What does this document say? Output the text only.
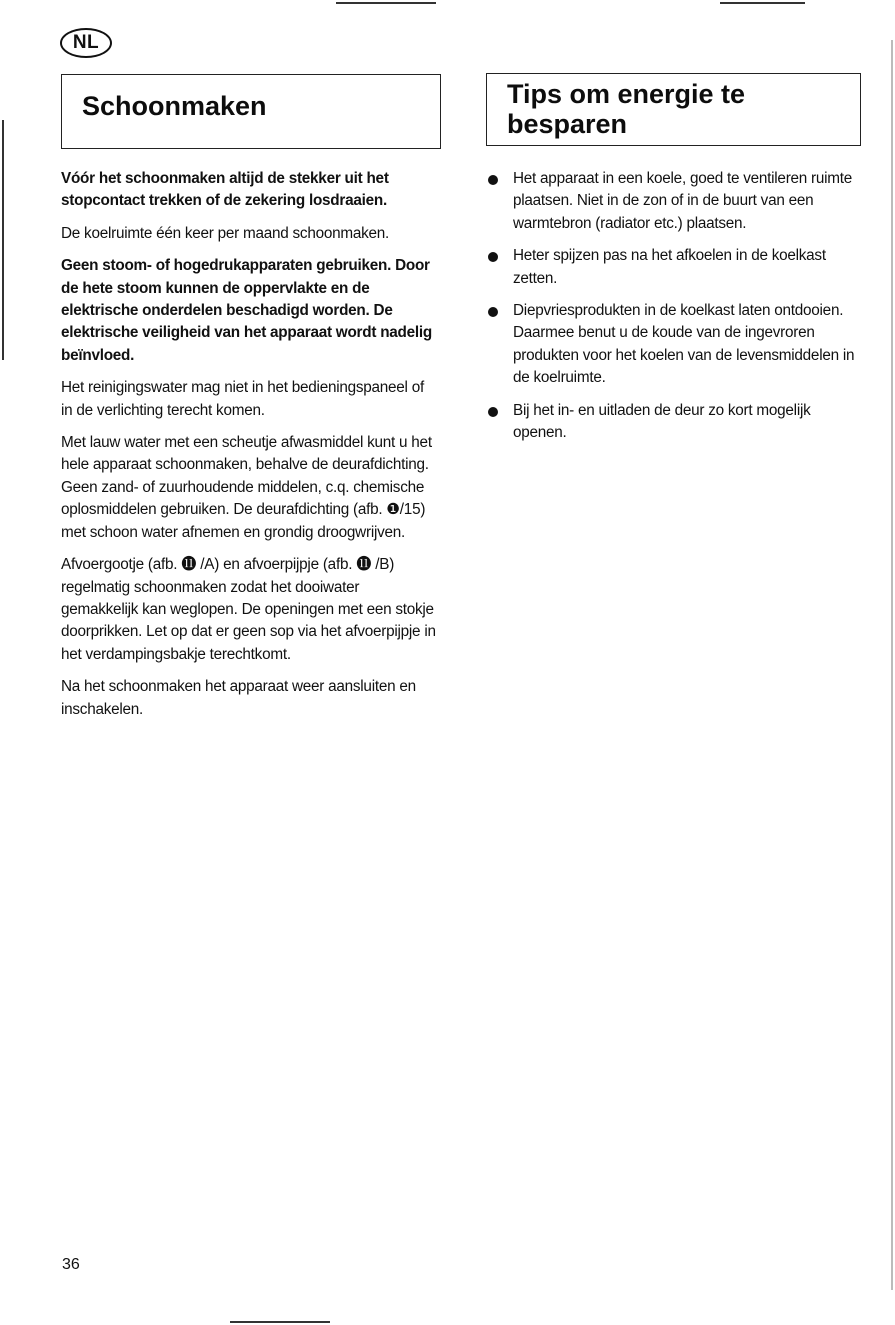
NL
Schoonmaken	Tips om energie te
besparen

Vóór het schoonmaken altijd de stekker uit het stopcontact trekken of de zekering losdraaien.

De koelruimte één keer per maand schoonmaken.

Geen stoom- of hogedrukapparaten gebruiken. Door de hete stoom kunnen de oppervlakte en de elektrische onderdelen beschadigd worden. De elektrische veiligheid van het apparaat wordt nadelig beïnvloed.

Het reinigingswater mag niet in het bedieningspaneel of in de verlichting terecht komen.

Met lauw water met een scheutje afwasmiddel kunt u het hele apparaat schoonmaken, behalve de deurafdichting. Geen zand- of zuurhoudende middelen, c.q. chemische oplosmiddelen gebruiken. De deurafdichting (afb. ❶/15) met schoon water afnemen en grondig droogwrijven.

Afvoergootje (afb. ⓫ /A) en afvoerpijpje (afb. ⓫ /B) regelmatig schoonmaken zodat het dooiwater gemakkelijk kan weglopen. De openingen met een stokje doorprikken. Let op dat er geen sop via het afvoerpijpje in het verdampingsbakje terechtkomt.

Na het schoonmaken het apparaat weer aansluiten en inschakelen.

Het apparaat in een koele, goed te ventileren ruimte plaatsen. Niet in de zon of in de buurt van een warmtebron (radiator etc.) plaatsen.
Heter spijzen pas na het afkoelen in de koelkast zetten.
Diepvriesprodukten in de koelkast laten ontdooien. Daarmee benut u de koude van de ingevroren produkten voor het koelen van de levensmiddelen in de koelruimte.
Bij het in- en uitladen de deur zo kort mogelijk openen.
36
